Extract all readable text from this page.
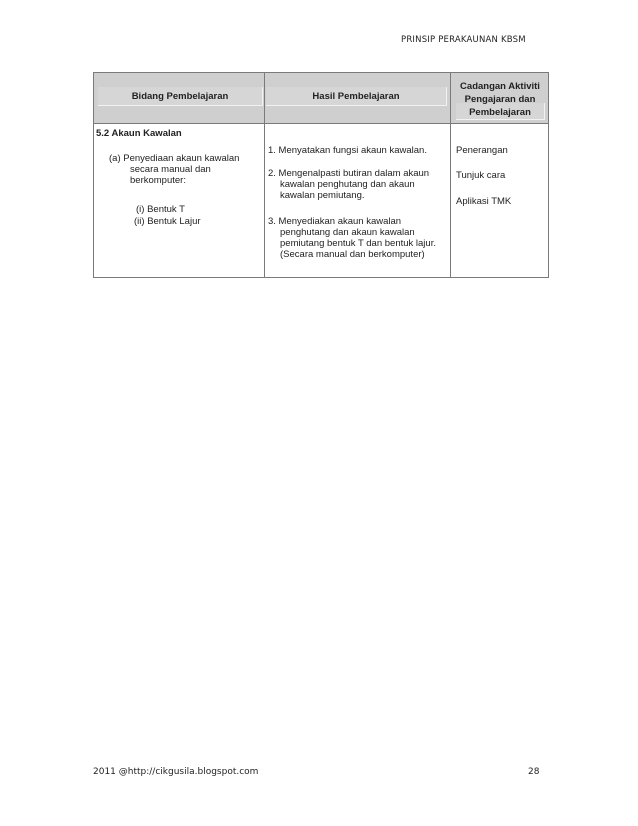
PRINSIP PERAKAUNAN KBSM
Bidang Pembelajaran	Hasil Pembelajaran
Cadangan Aktiviti
Pengajaran dan
Pembelajaran
5.2 Akaun Kawalan
(a) Penyediaan akaun kawalan
secara manual dan
berkomputer:
(i) Bentuk T
(ii) Bentuk Lajur
1. Menyatakan fungsi akaun kawalan.
2. Mengenalpasti butiran dalam akaun
kawalan penghutang dan akaun
kawalan pemiutang.
3. Menyediakan akaun kawalan
penghutang dan akaun kawalan
pemiutang bentuk T dan bentuk lajur.
(Secara manual dan berkomputer)
Penerangan
Tunjuk cara
Aplikasi TMK
2011 @http://cikgusila.blogspot.com	28
